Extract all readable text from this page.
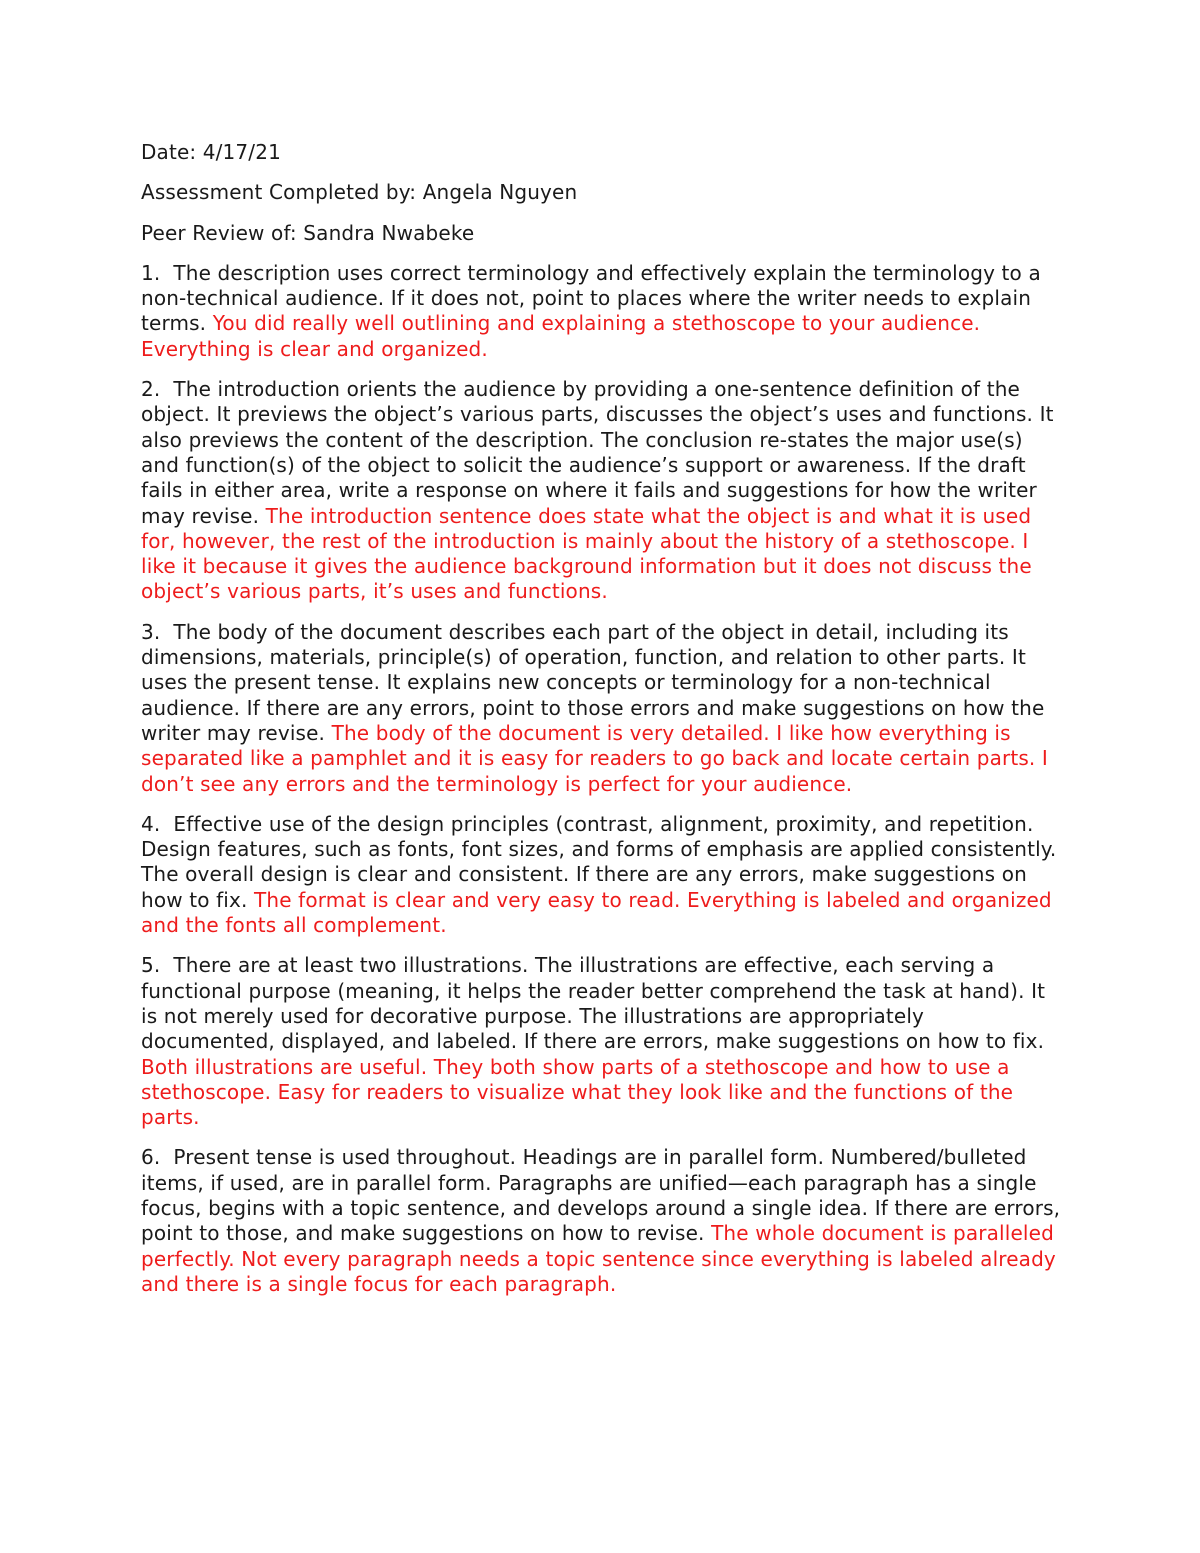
Date: 4/17/21

Assessment Completed by: Angela Nguyen

Peer Review of: Sandra Nwabeke

1. The description uses correct terminology and effectively explain the terminology to a non-technical audience. If it does not, point to places where the writer needs to explain terms. You did really well outlining and explaining a stethoscope to your audience. Everything is clear and organized.

2. The introduction orients the audience by providing a one-sentence definition of the object. It previews the object’s various parts, discusses the object’s uses and functions. It also previews the content of the description. The conclusion re-states the major use(s) and function(s) of the object to solicit the audience’s support or awareness. If the draft fails in either area, write a response on where it fails and suggestions for how the writer may revise. The introduction sentence does state what the object is and what it is used for, however, the rest of the introduction is mainly about the history of a stethoscope. I like it because it gives the audience background information but it does not discuss the object’s various parts, it’s uses and functions.

3. The body of the document describes each part of the object in detail, including its dimensions, materials, principle(s) of operation, function, and relation to other parts. It uses the present tense. It explains new concepts or terminology for a non-technical audience. If there are any errors, point to those errors and make suggestions on how the writer may revise. The body of the document is very detailed. I like how everything is separated like a pamphlet and it is easy for readers to go back and locate certain parts. I don’t see any errors and the terminology is perfect for your audience.

4. Effective use of the design principles (contrast, alignment, proximity, and repetition. Design features, such as fonts, font sizes, and forms of emphasis are applied consistently. The overall design is clear and consistent. If there are any errors, make suggestions on how to fix. The format is clear and very easy to read. Everything is labeled and organized and the fonts all complement.

5. There are at least two illustrations. The illustrations are effective, each serving a functional purpose (meaning, it helps the reader better comprehend the task at hand). It is not merely used for decorative purpose. The illustrations are appropriately documented, displayed, and labeled. If there are errors, make suggestions on how to fix. Both illustrations are useful. They both show parts of a stethoscope and how to use a stethoscope. Easy for readers to visualize what they look like and the functions of the parts.

6. Present tense is used throughout. Headings are in parallel form. Numbered/bulleted items, if used, are in parallel form. Paragraphs are unified—each paragraph has a single focus, begins with a topic sentence, and develops around a single idea. If there are errors, point to those, and make suggestions on how to revise. The whole document is paralleled perfectly. Not every paragraph needs a topic sentence since everything is labeled already and there is a single focus for each paragraph.
